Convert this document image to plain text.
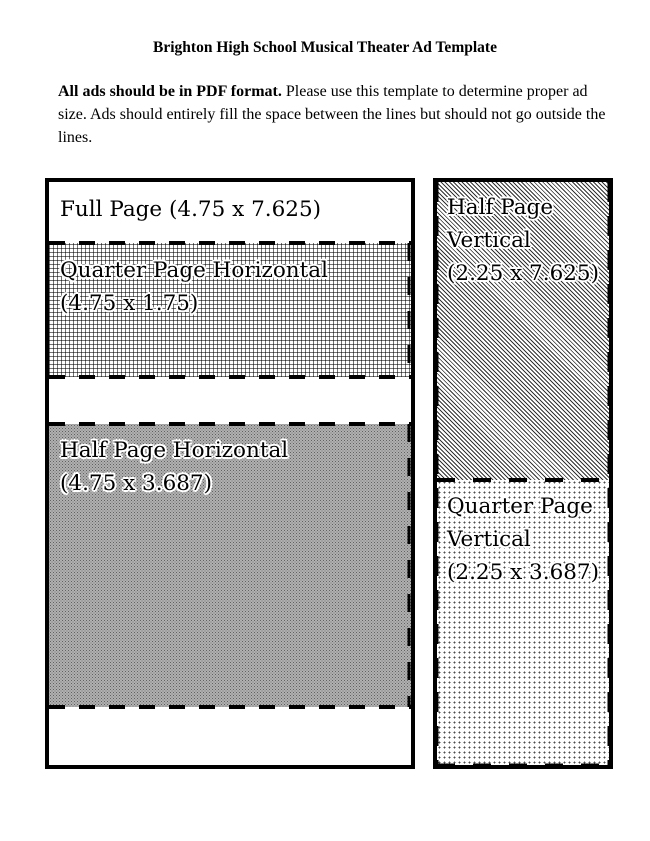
Brighton High School Musical Theater Ad Template
All ads should be in PDF format. Please use this template to determine proper ad size. Ads should entirely fill the space between the lines but should not go outside the lines.
Full Page (4.75 x 7.625)
Quarter Page Horizontal
(4.75 x 1.75)
Half Page Horizontal
(4.75 x 3.687)
Half Page
Vertical
(2.25 x 7.625)
Quarter Page
Vertical
(2.25 x 3.687)
